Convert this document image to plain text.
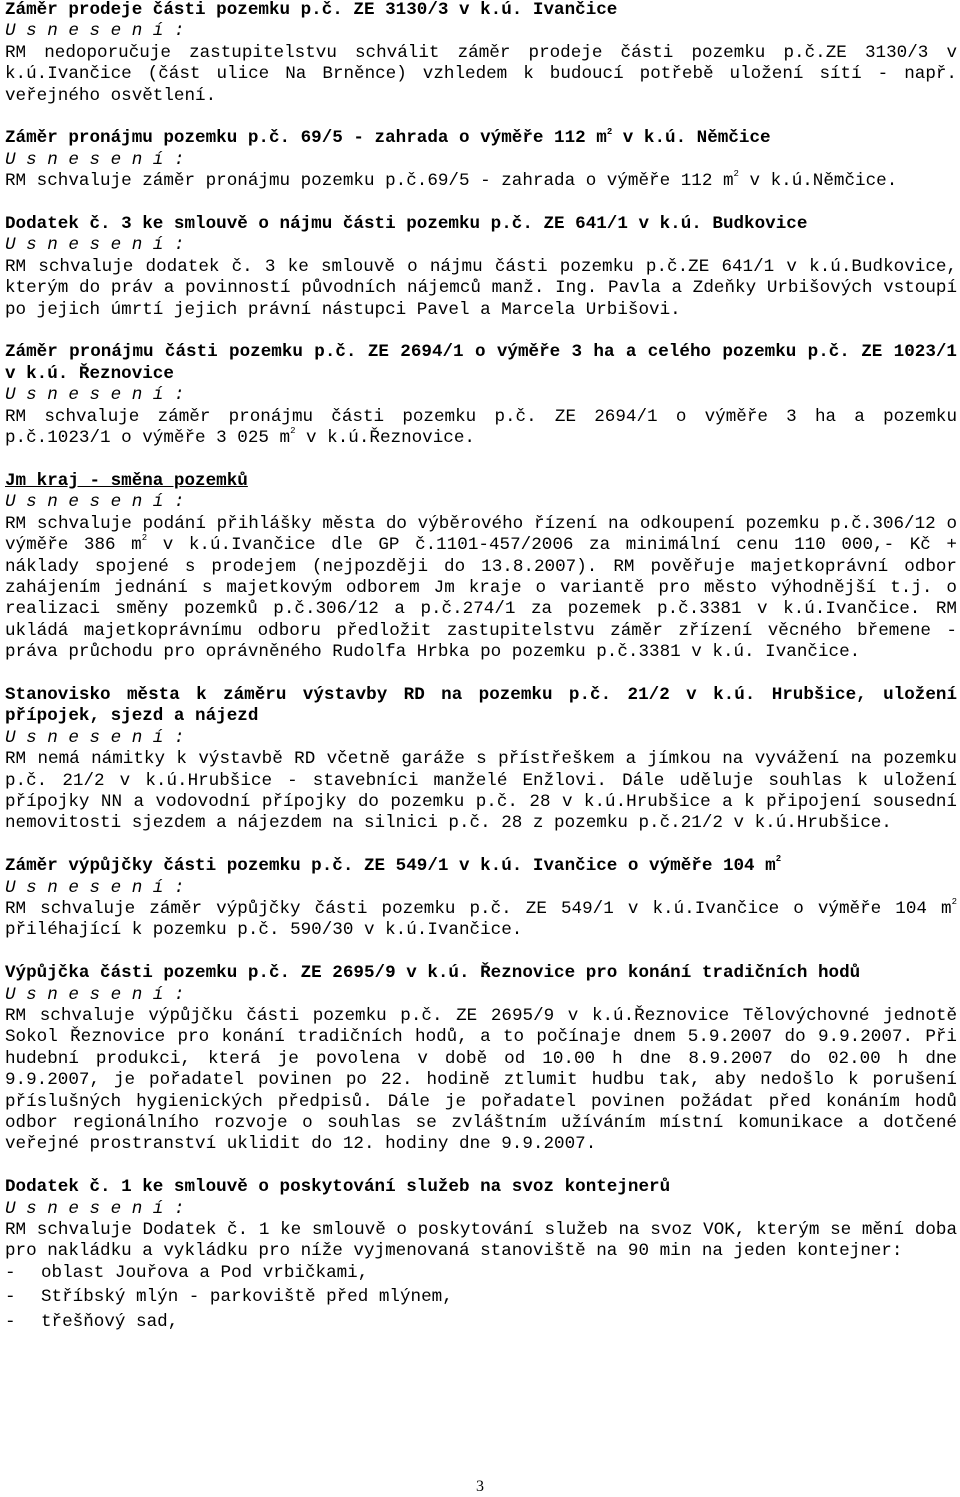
Záměr prodeje části pozemku p.č. ZE 3130/3 v k.ú. Ivančice

U s n e s e n í :

RM nedoporučuje zastupitelstvu schválit záměr prodeje části pozemku p.č.ZE 3130/3 v k.ú.Ivančice (část ulice Na Brněnce) vzhledem k budoucí potřebě uložení sítí - např. veřejného osvětlení.

Záměr pronájmu pozemku p.č. 69/5 - zahrada o výměře 112 $m^2$ v k.ú. Němčice

U s n e s e n í :

RM schvaluje záměr pronájmu pozemku p.č.69/5 - zahrada o výměře 112 $m^2$ v k.ú.Němčice.

Dodatek č. 3 ke smlouvě o nájmu části pozemku p.č. ZE 641/1 v k.ú. Budkovice

U s n e s e n í :

RM schvaluje dodatek č. 3 ke smlouvě o nájmu části pozemku p.č.ZE 641/1 v k.ú.Budkovice, kterým do práv a povinností původních nájemců manž. Ing. Pavla a Zdeňky Urbišových vstoupí po jejich úmrtí jejich právní nástupci Pavel a Marcela Urbišovi.

Záměr pronájmu části pozemku p.č. ZE 2694/1 o výměře 3 ha a celého pozemku p.č. ZE 1023/1 v k.ú. Řeznovice

U s n e s e n í :

RM schvaluje záměr pronájmu části pozemku p.č. ZE 2694/1 o výměře 3 ha a pozemku p.č.1023/1 o výměře 3 025 $m^2$ v k.ú.Řeznovice.

Jm kraj - směna pozemků

U s n e s e n í :

RM schvaluje podání přihlášky města do výběrového řízení na odkoupení pozemku p.č.306/12 o výměře 386 $m^2$ v k.ú.Ivančice dle GP č.1101-457/2006 za minimální cenu 110 000,- Kč + náklady spojené s prodejem (nejpozději do 13.8.2007). RM pověřuje majetkoprávní odbor zahájením jednání s majetkovým odborem Jm kraje o variantě pro město výhodnější t.j. o realizaci směny pozemků p.č.306/12 a p.č.274/1 za pozemek p.č.3381 v k.ú.Ivančice. RM ukládá majetkoprávnímu odboru předložit zastupitelstvu záměr zřízení věcného břemene - práva průchodu pro oprávněného Rudolfa Hrbka po pozemku p.č.3381 v k.ú. Ivančice.

Stanovisko města k záměru výstavby RD na pozemku p.č. 21/2 v k.ú. Hrubšice, uložení přípojek, sjezd a nájezd

U s n e s e n í :

RM nemá námitky k výstavbě RD včetně garáže s přístřeškem a jímkou na vyvážení na pozemku p.č. 21/2 v k.ú.Hrubšice - stavebníci manželé Enžlovi. Dále uděluje souhlas k uložení přípojky NN a vodovodní přípojky do pozemku p.č. 28 v k.ú.Hrubšice a k připojení sousední nemovitosti sjezdem a nájezdem na silnici p.č. 28 z pozemku p.č.21/2 v k.ú.Hrubšice.

Záměr výpůjčky části pozemku p.č. ZE 549/1 v k.ú. Ivančice o výměře 104 $m^2$

U s n e s e n í :

RM schvaluje záměr výpůjčky části pozemku p.č. ZE 549/1 v k.ú.Ivančice o výměře 104 $m^2$ přiléhající k pozemku p.č. 590/30 v k.ú.Ivančice.

Výpůjčka části pozemku p.č. ZE 2695/9 v k.ú. Řeznovice pro konání tradičních hodů

U s n e s e n í :

RM schvaluje výpůjčku části pozemku p.č. ZE 2695/9 v k.ú.Řeznovice Tělovýchovné jednotě Sokol Řeznovice pro konání tradičních hodů, a to počínaje dnem 5.9.2007 do 9.9.2007. Při hudební produkci, která je povolena v době od 10.00 h dne 8.9.2007 do 02.00 h dne 9.9.2007, je pořadatel povinen po 22. hodině ztlumit hudbu tak, aby nedošlo k porušení příslušných hygienických předpisů. Dále je pořadatel povinen požádat před konáním hodů odbor regionálního rozvoje o souhlas se zvláštním užíváním místní komunikace a dotčené veřejné prostranství uklidit do 12. hodiny dne 9.9.2007.

Dodatek č. 1 ke smlouvě o poskytování služeb na svoz kontejnerů

U s n e s e n í :

RM schvaluje Dodatek č. 1 ke smlouvě o poskytování služeb na svoz VOK, kterým se mění doba pro nakládku a vykládku pro níže vyjmenovaná stanoviště na 90 min na jeden kontejner:

- oblast Jouřova a Pod vrbičkami,
- Stříbský mlýn - parkoviště před mlýnem,
- třešňový sad,
3
